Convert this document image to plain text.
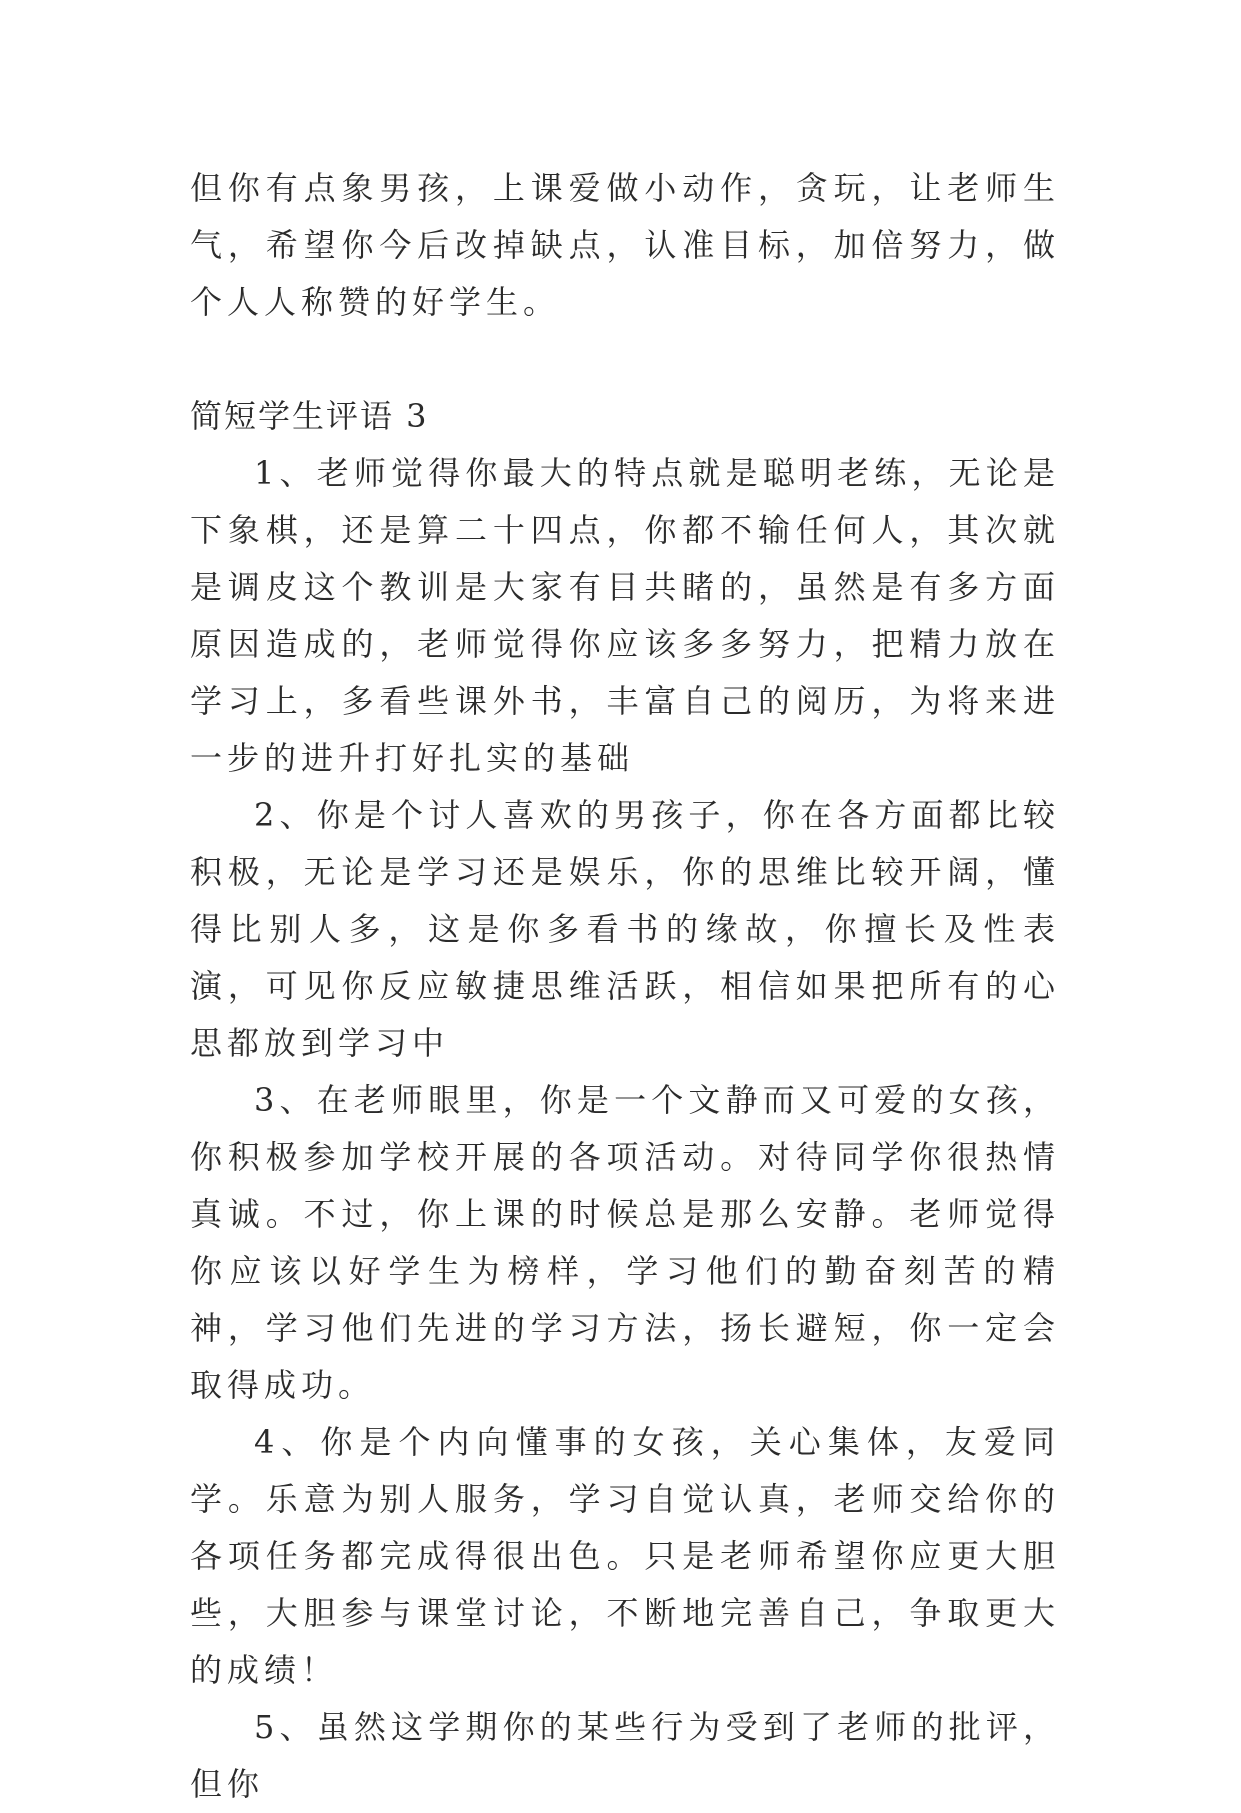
但你有点象男孩，上课爱做小动作，贪玩，让老师生气，希望你今后改掉缺点，认准目标，加倍努力，做个人人称赞的好学生。

简短学生评语 3

1、老师觉得你最大的特点就是聪明老练，无论是下象棋，还是算二十四点，你都不输任何人，其次就是调皮这个教训是大家有目共睹的，虽然是有多方面原因造成的，老师觉得你应该多多努力，把精力放在学习上，多看些课外书，丰富自己的阅历，为将来进一步的进升打好扎实的基础

2、你是个讨人喜欢的男孩子，你在各方面都比较积极，无论是学习还是娱乐，你的思维比较开阔，懂得比别人多，这是你多看书的缘故，你擅长及性表演，可见你反应敏捷思维活跃，相信如果把所有的心思都放到学习中

3、在老师眼里，你是一个文静而又可爱的女孩，你积极参加学校开展的各项活动。对待同学你很热情真诚。不过，你上课的时候总是那么安静。老师觉得你应该以好学生为榜样，学习他们的勤奋刻苦的精神，学习他们先进的学习方法，扬长避短，你一定会取得成功。

4、你是个内向懂事的女孩，关心集体，友爱同学。乐意为别人服务，学习自觉认真，老师交给你的各项任务都完成得很出色。只是老师希望你应更大胆些，大胆参与课堂讨论，不断地完善自己，争取更大的成绩！

5、虽然这学期你的某些行为受到了老师的批评，但你
